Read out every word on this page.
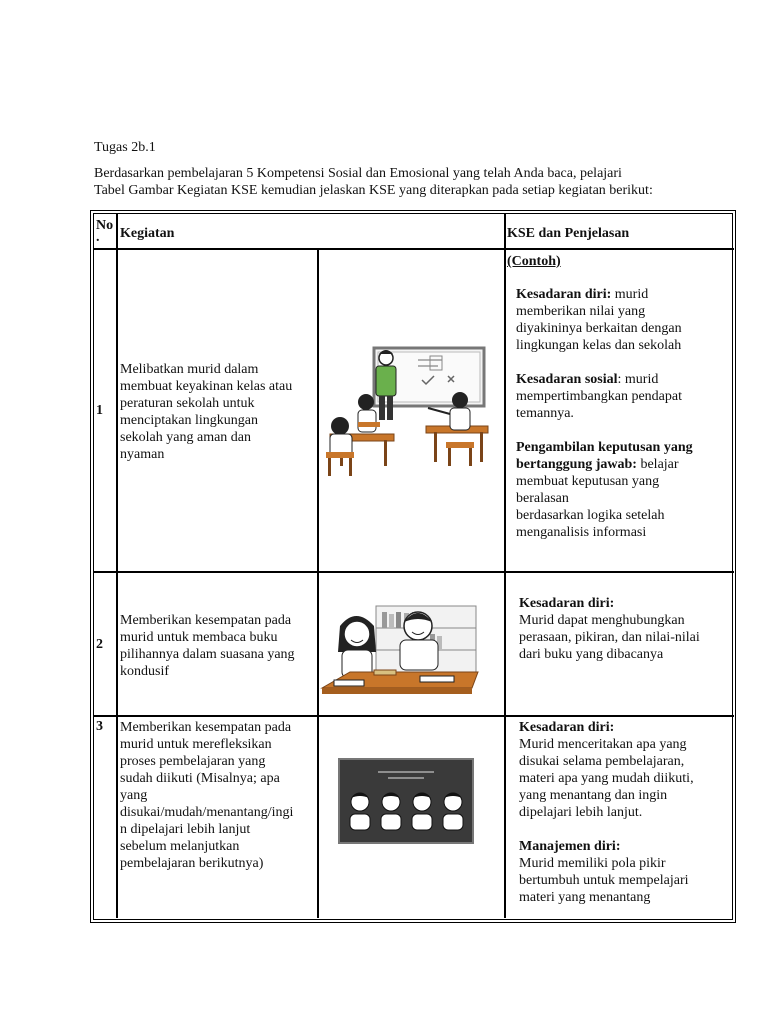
Tugas 2b.1
Berdasarkan pembelajaran 5 Kompetensi Sosial dan Emosional yang telah Anda baca, pelajari
Tabel Gambar Kegiatan KSE kemudian jelaskan KSE yang diterapkan pada setiap kegiatan berikut:
No
.	Kegiatan	KSE dan Penjelasan
1
Melibatkan murid dalam
membuat keyakinan kelas atau
peraturan sekolah untuk
menciptakan lingkungan
sekolah yang aman dan
nyaman
(Contoh)
Kesadaran diri: murid
memberikan nilai yang
diyakininya berkaitan dengan
lingkungan kelas dan sekolah
Kesadaran sosial: murid
mempertimbangkan pendapat
temannya.
Pengambilan keputusan yang bertanggung jawab: belajar
membuat keputusan yang
beralasan
berdasarkan logika setelah
menganalisis informasi
2
Memberikan kesempatan pada
murid untuk membaca buku
pilihannya dalam suasana yang
kondusif
Kesadaran diri:
Murid dapat menghubungkan
perasaan, pikiran, dan nilai-nilai
dari buku yang dibacanya
3 Memberikan kesempatan pada
murid untuk merefleksikan
proses pembelajaran yang
sudah diikuti (Misalnya; apa
yang
disukai/mudah/menantang/ingi
n dipelajari lebih lanjut
sebelum melanjutkan
pembelajaran berikutnya)
Kesadaran diri:
Murid menceritakan apa yang
disukai selama pembelajaran,
materi apa yang mudah diikuti,
yang menantang dan ingin
dipelajari lebih lanjut.
Manajemen diri:
Murid memiliki pola pikir
bertumbuh untuk mempelajari
materi yang menantang
